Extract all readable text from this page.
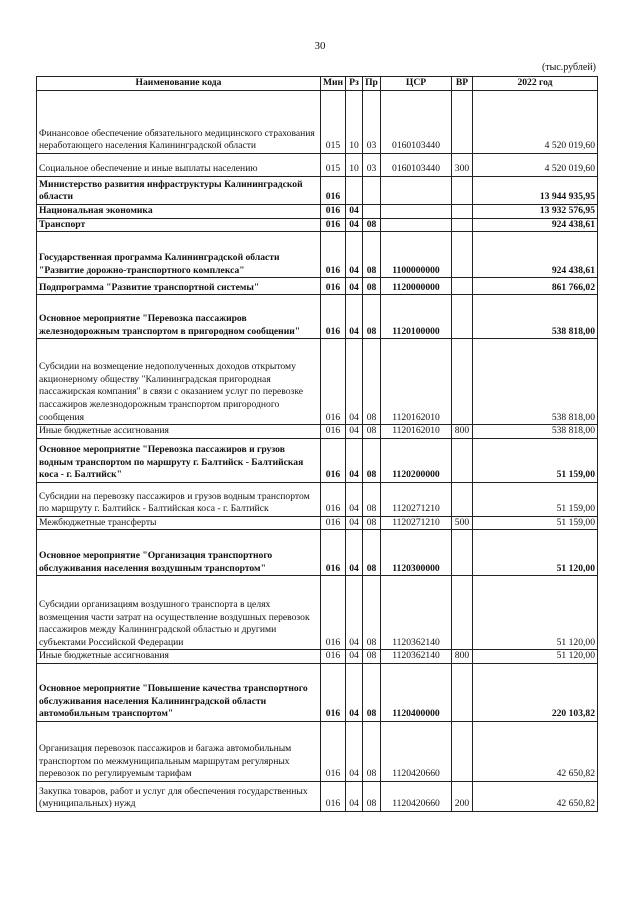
30
(тыс.рублей)
Наименование кода	Мин	Рз	Пр	ЦСР	ВР	2022 год
Финансовое обеспечение обязательного медицинского страхования неработающего населения Калининградской области	015	10	03	0160103440		4 520 019,60
Социальное обеспечение и иные выплаты населению	015	10	03	0160103440	300	4 520 019,60
Министерство развития инфраструктуры Калининградской области	016					13 944 935,95
Национальная экономика	016	04				13 932 576,95
Транспорт	016	04	08			924 438,61
Государственная программа Калининградской области "Развитие дорожно-транспортного комплекса"	016	04	08	1100000000		924 438,61
Подпрограмма "Развитие транспортной системы"	016	04	08	1120000000		861 766,02
Основное мероприятие "Перевозка пассажиров железнодорожным транспортом в пригородном сообщении"	016	04	08	1120100000		538 818,00
Субсидии на возмещение недополученных доходов открытому акционерному обществу "Калининградская пригородная пассажирская компания" в связи с оказанием услуг по перевозке пассажиров железнодорожным транспортом пригородного сообщения	016	04	08	1120162010		538 818,00
Иные бюджетные ассигнования	016	04	08	1120162010	800	538 818,00
Основное мероприятие "Перевозка пассажиров и грузов водным транспортом по маршруту г. Балтийск - Балтийская коса - г. Балтийск"	016	04	08	1120200000		51 159,00
Субсидии на перевозку пассажиров и грузов водным транспортом по маршруту г. Балтийск - Балтийская коса - г. Балтийск	016	04	08	1120271210		51 159,00
Межбюджетные трансферты	016	04	08	1120271210	500	51 159,00
Основное мероприятие "Организация транспортного обслуживания населения воздушным транспортом"	016	04	08	1120300000		51 120,00
Субсидии организациям воздушного транспорта в целях возмещения части затрат на осуществление воздушных перевозок пассажиров между Калининградской областью и другими субъектами Российской Федерации	016	04	08	1120362140		51 120,00
Иные бюджетные ассигнования	016	04	08	1120362140	800	51 120,00
Основное мероприятие "Повышение качества транспортного обслуживания населения Калининградской области автомобильным транспортом"	016	04	08	1120400000		220 103,82
Организация перевозок пассажиров и багажа автомобильным транспортом по межмуниципальным маршрутам регулярных перевозок по регулируемым тарифам	016	04	08	1120420660		42 650,82
Закупка товаров, работ и услуг для обеспечения государственных (муниципальных) нужд	016	04	08	1120420660	200	42 650,82
